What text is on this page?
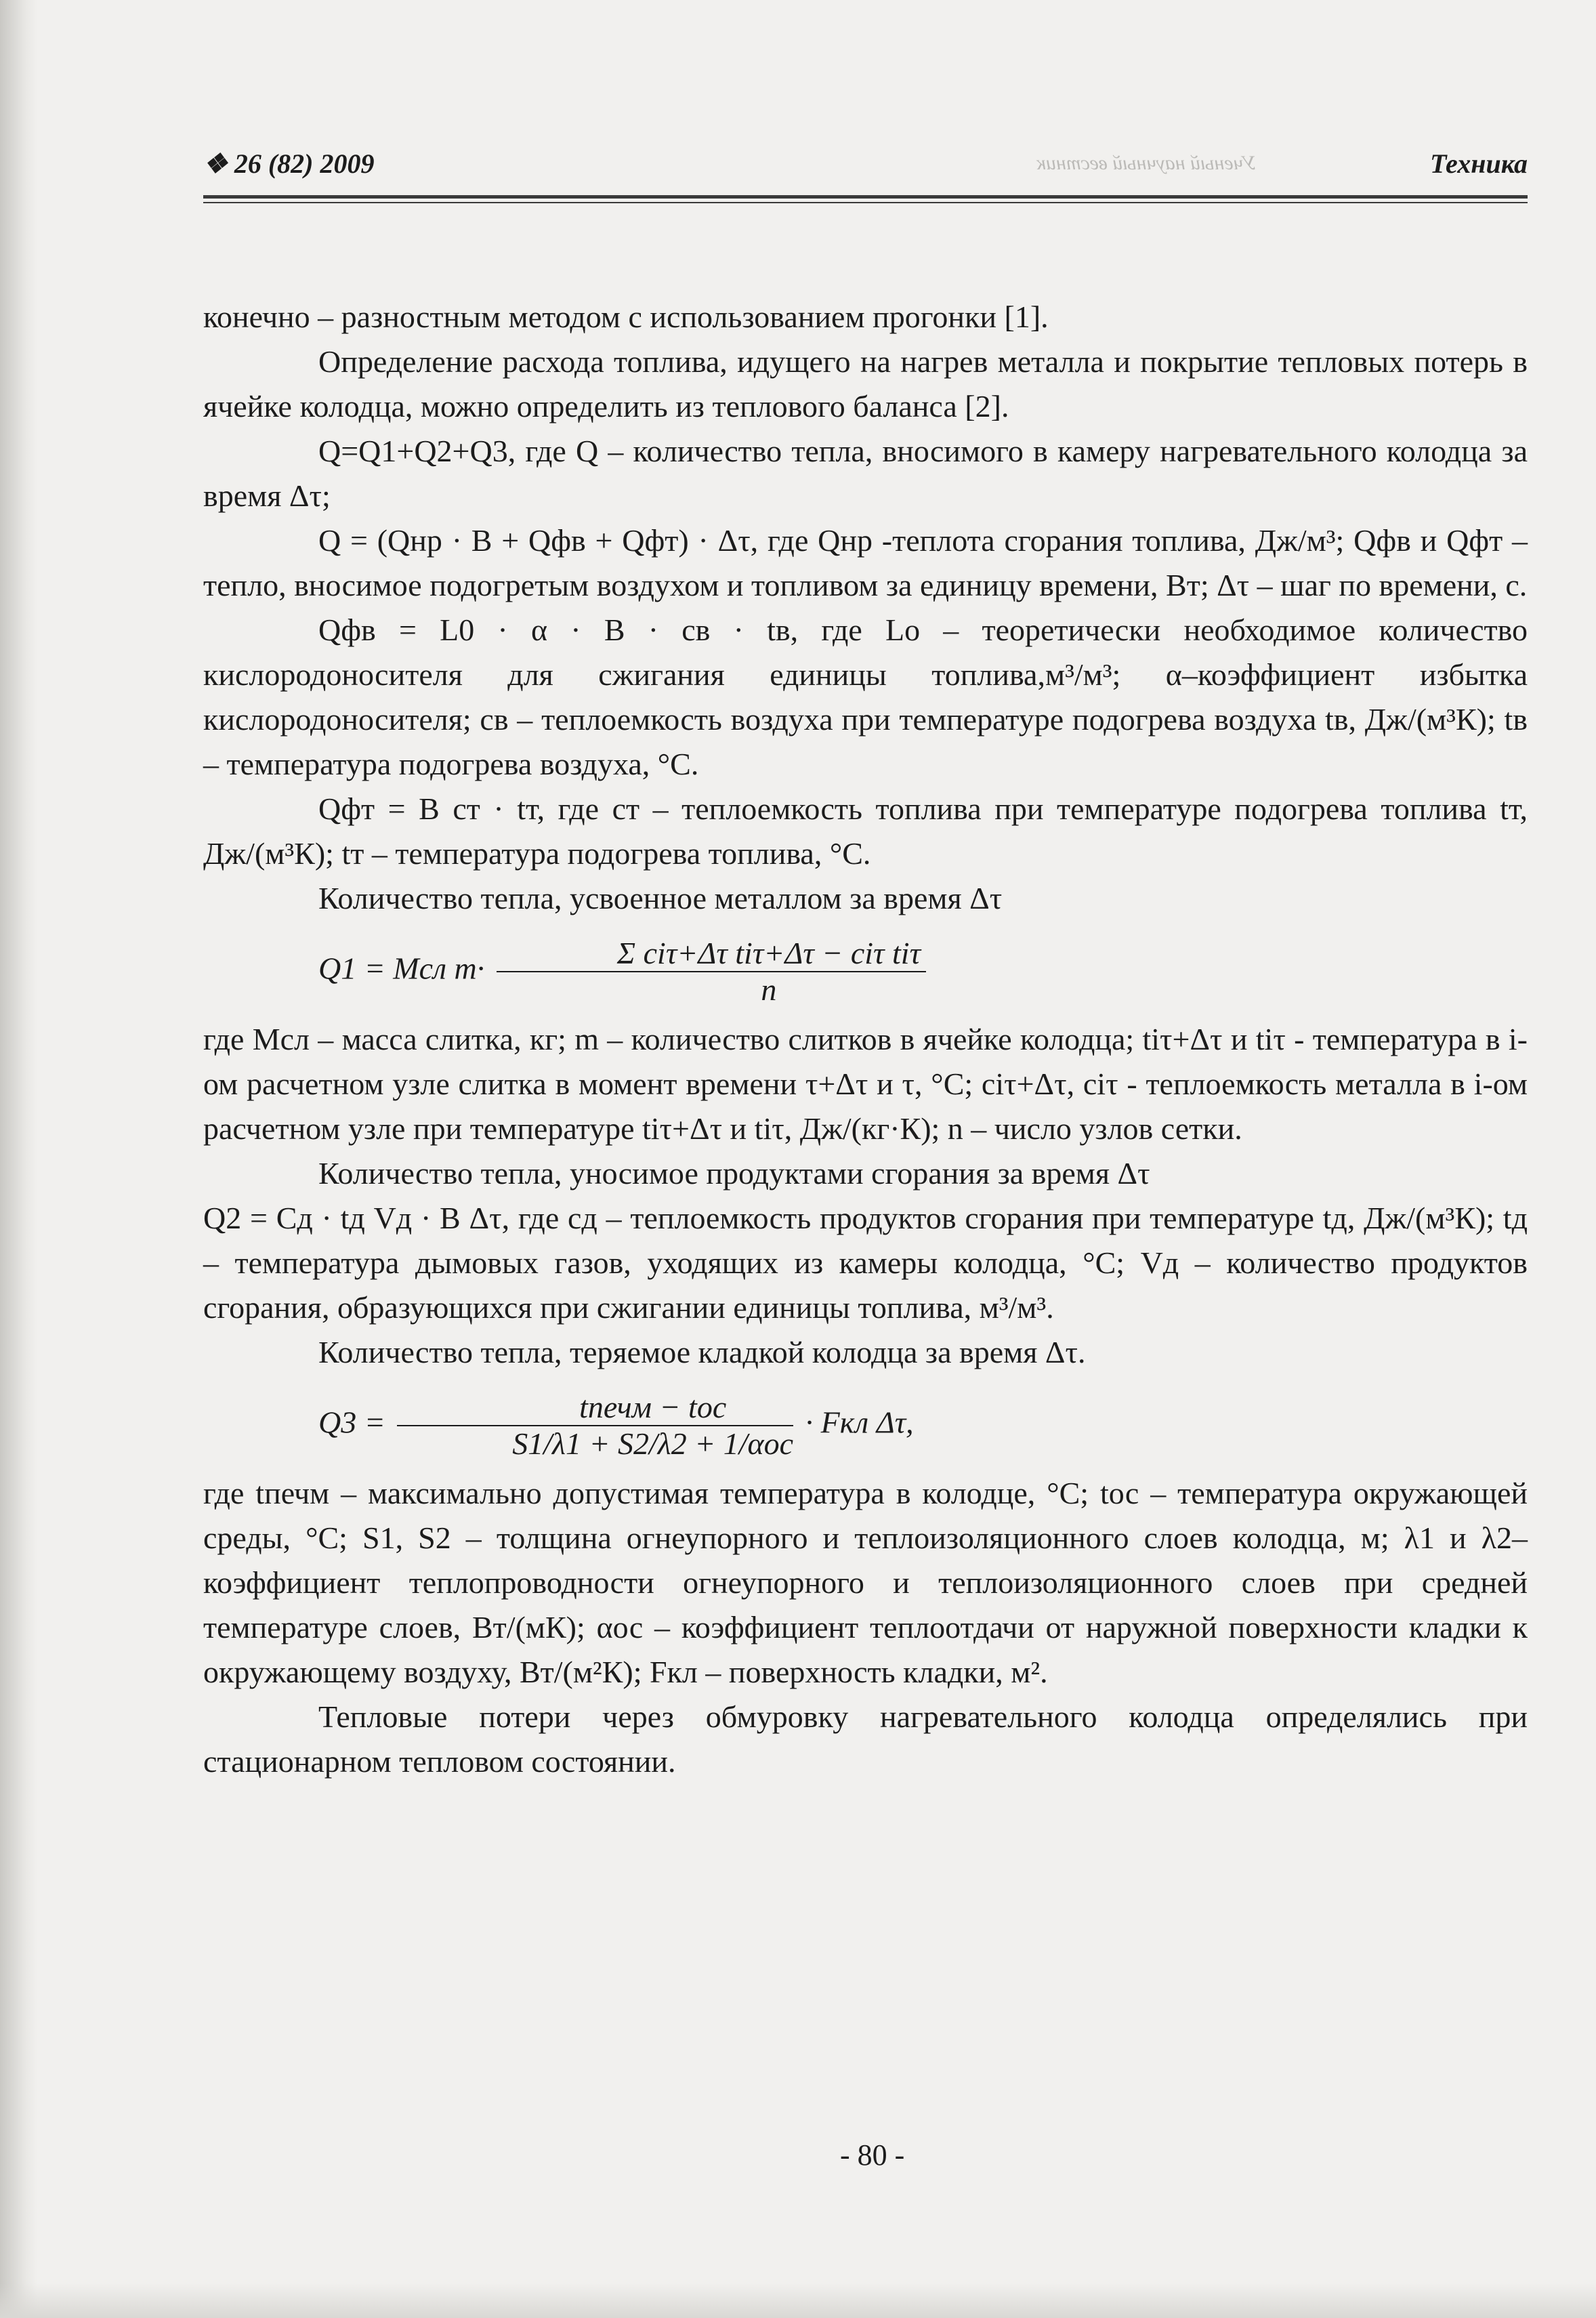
❖ 26 (82) 2009	Ученый научный вестник	Техника

конечно – разностным методом с использованием прогонки [1].

Определение расхода топлива, идущего на нагрев металла и покрытие тепловых потерь в ячейке колодца, можно определить из теплового баланса [2].

Q=Q1+Q2+Q3, где Q – количество тепла, вносимого в камеру нагревательного колодца за время Δτ;

Q = (Qнр · B + Qфв + Qфт) · Δτ, где Qнр -теплота сгорания топлива, Дж/м³; Qфв и Qфт – тепло, вносимое подогретым воздухом и топливом за единицу времени, Вт; Δτ – шаг по времени, с.

Qфв = L0 · α · B · cв · tв, где Lo – теоретически необходимое количество кислородоносителя для сжигания единицы топлива,м³/м³; α–коэффициент избытка кислородоносителя; cв – теплоемкость воздуха при температуре подогрева воздуха tв, Дж/(м³К); tв – температура подогрева воздуха, °С.

Qфт = B cт · tт, где cт – теплоемкость топлива при температуре подогрева топлива tт, Дж/(м³К); tт – температура подогрева топлива, °С.

Количество тепла, усвоенное металлом за время Δτ

Q1 = Mсл $m\cdot \frac{\text{Σ ciτ+Δτ tiτ+Δτ − ciτ tiτ}}{n}$

где Mсл – масса слитка, кг; m – количество слитков в ячейке колодца; tiτ+Δτ и tiτ - температура в i-ом расчетном узле слитка в момент времени τ+Δτ и τ, °С; ciτ+Δτ, ciτ - теплоемкость металла в i-ом расчетном узле при температуре tiτ+Δτ и tiτ, Дж/(кг·К); n – число узлов сетки.

Количество тепла, уносимое продуктами сгорания за время Δτ

Q2 = Cд · tд Vд · B Δτ, где cд – теплоемкость продуктов сгорания при температуре tд, Дж/(м³К); tд – температура дымовых газов, уходящих из камеры колодца, °С; Vд – количество продуктов сгорания, образующихся при сжигании единицы топлива, м³/м³.

Количество тепла, теряемое кладкой колодца за время Δτ.

$Q3 = \frac{\text{tпечм − tос}}{\text{S1/λ1 + S2/λ2 + 1/αос}}$ · Fкл Δτ,

где tпечм – максимально допустимая температура в колодце, °С; tос – температура окружающей среды, °С; S1, S2 – толщина огнеупорного и теплоизоляционного слоев колодца, м; λ1 и λ2–коэффициент теплопроводности огнеупорного и теплоизоляционного слоев при средней температуре слоев, Вт/(мК); αос – коэффициент теплоотдачи от наружной поверхности кладки к окружающему воздуху, Вт/(м²К); Fкл – поверхность кладки, м².

Тепловые потери через обмуровку нагревательного колодца определялись при стационарном тепловом состоянии.

- 80 -
